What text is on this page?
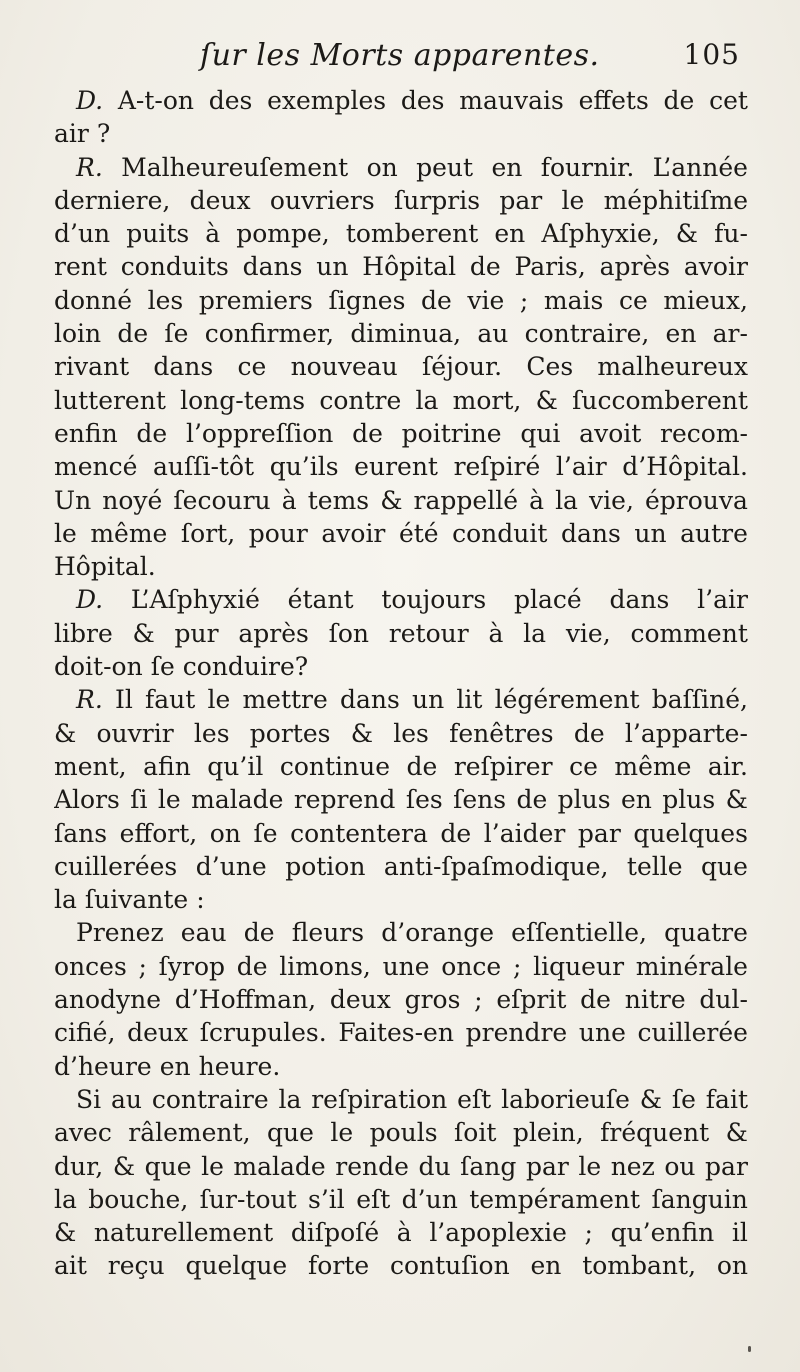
ſur les Morts apparentes.	105
D. A-t-on des exemples des mauvais effets de cet
air ?
R. Malheureuſement on peut en fournir. L’année
derniere, deux ouvriers ſurpris par le méphitiſme
d’un puits à pompe, tomberent en Aſphyxie, & fu-
rent conduits dans un Hôpital de Paris, après avoir
donné les premiers ſignes de vie ; mais ce mieux,
loin de ſe confirmer, diminua, au contraire, en ar-
rivant dans ce nouveau ſéjour. Ces malheureux
lutterent long-tems contre la mort, & ſuccomberent
enfin de l’oppreſſion de poitrine qui avoit recom-
mencé auſſi-tôt qu’ils eurent reſpiré l’air d’Hôpital.
Un noyé ſecouru à tems & rappellé à la vie, éprouva
le même ſort, pour avoir été conduit dans un autre
Hôpital.
D. L’Aſphyxié étant toujours placé dans l’air
libre & pur après ſon retour à la vie, comment
doit-on ſe conduire?
R. Il faut le mettre dans un lit légérement baſſiné,
& ouvrir les portes & les fenêtres de l’apparte-
ment, afin qu’il continue de reſpirer ce même air.
Alors ſi le malade reprend ſes ſens de plus en plus &
ſans effort, on ſe contentera de l’aider par quelques
cuillerées d’une potion anti-ſpaſmodique, telle que
la ſuivante :
Prenez eau de fleurs d’orange eſſentielle, quatre
onces ; ſyrop de limons, une once ; liqueur minérale
anodyne d’Hoffman, deux gros ; eſprit de nitre dul-
cifié, deux ſcrupules. Faites-en prendre une cuillerée
d’heure en heure.
Si au contraire la reſpiration eſt laborieuſe & ſe fait
avec râlement, que le pouls ſoit plein, fréquent &
dur, & que le malade rende du ſang par le nez ou par
la bouche, ſur-tout s’il eſt d’un tempérament ſanguin
& naturellement diſpoſé à l’apoplexie ; qu’enfin il
ait reçu quelque forte contuſion en tombant, on
